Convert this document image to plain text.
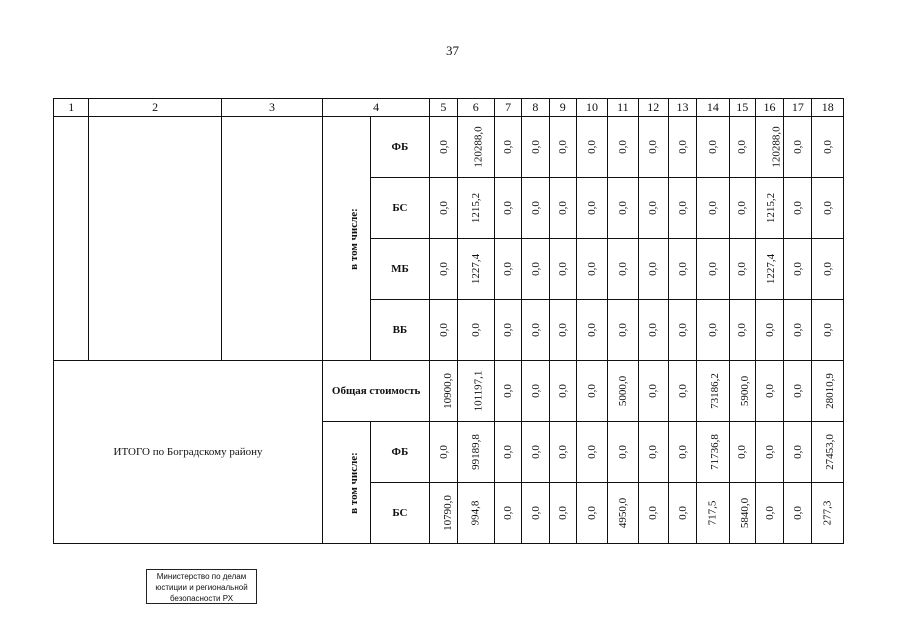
37
1	2	3	4		5	6	7	8	9	10	11	12	13	14	15	16	17	18
			в том числе:	ФБ	0,0	120288,0	0,0	0,0	0,0	0,0	0,0	0,0	0,0	0,0	0,0	120288,0	0,0	0,0
				БС	0,0	1215,2	0,0	0,0	0,0	0,0	0,0	0,0	0,0	0,0	0,0	1215,2	0,0	0,0
				МБ	0,0	1227,4	0,0	0,0	0,0	0,0	0,0	0,0	0,0	0,0	0,0	1227,4	0,0	0,0
				ВБ	0,0	0,0	0,0	0,0	0,0	0,0	0,0	0,0	0,0	0,0	0,0	0,0	0,0	0,0
ИТОГО по Боградскому району			Общая стоимость		10900,0	101197,1	0,0	0,0	0,0	0,0	5000,0	0,0	0,0	73186,2	5900,0	0,0	0,0	28010,9
			в том числе:	ФБ	0,0	99189,8	0,0	0,0	0,0	0,0	0,0	0,0	0,0	71736,8	0,0	0,0	0,0	27453,0
				БС	10790,0	994,8	0,0	0,0	0,0	0,0	4950,0	0,0	0,0	717,5	5840,0	0,0	0,0	277,3
Министерство по делам
юстиции и региональной
безопасности РХ
